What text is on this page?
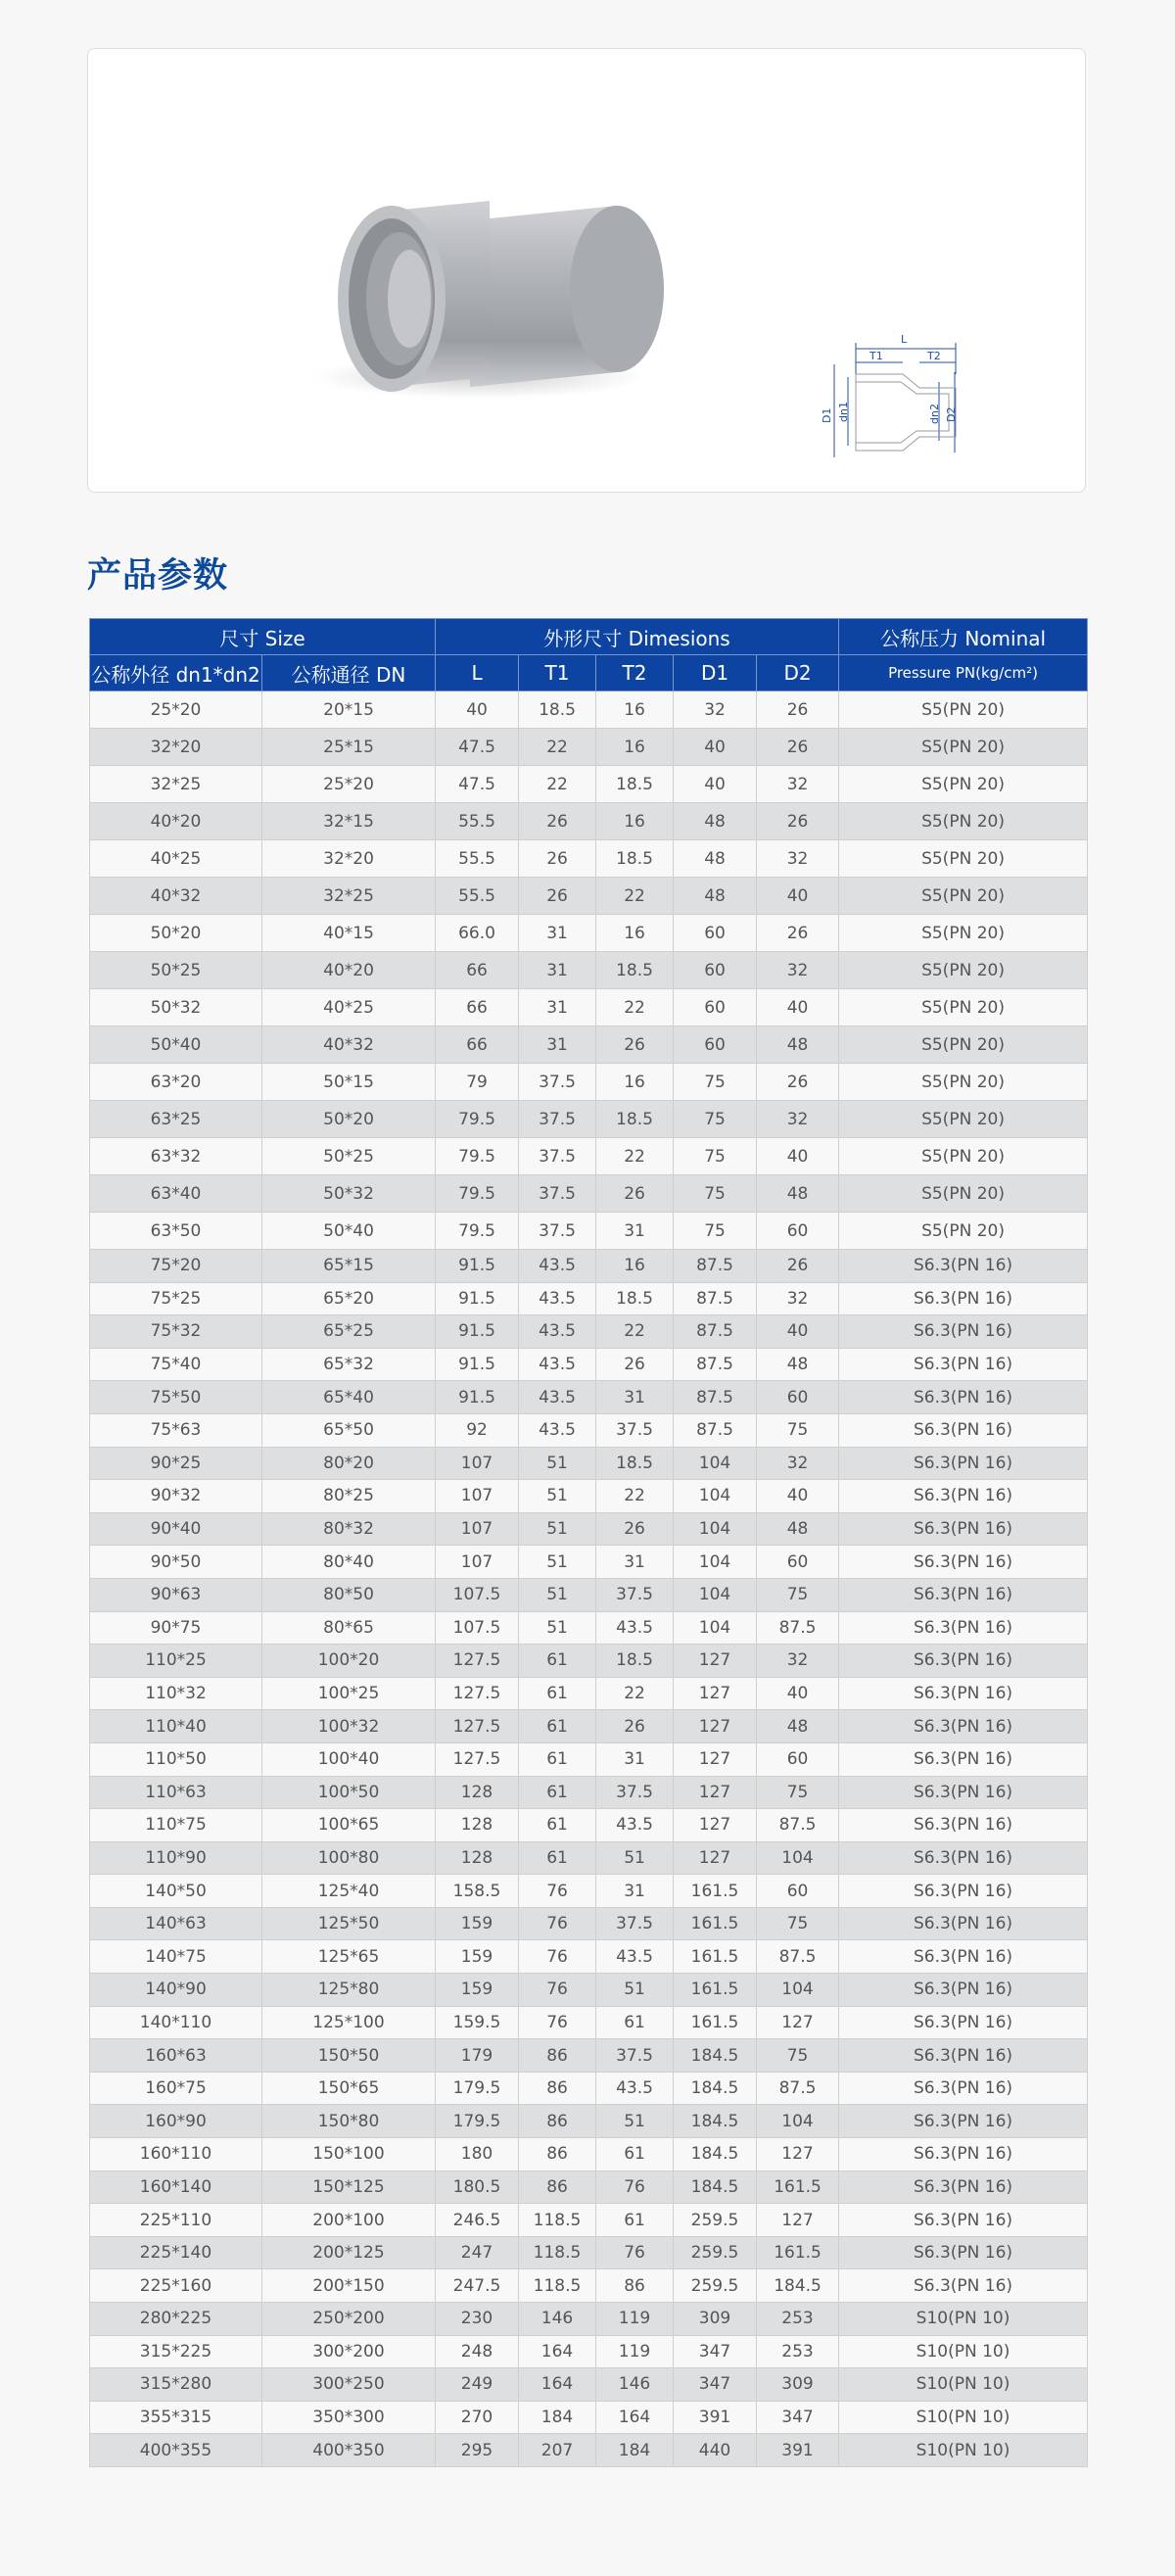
L
T1	T2
D1 dn1	dn2 D2
产品参数
尺寸 Size		外形尺寸 Dimesions					公称压力 Nominal
公称外径 dn1*dn2	公称通径 DN	L	T1	T2	D1	D2	Pressure PN(kg/cm²)
25*20	20*15	40	18.5	16	32	26	S5(PN 20)
32*20	25*15	47.5	22	16	40	26	S5(PN 20)
32*25	25*20	47.5	22	18.5	40	32	S5(PN 20)
40*20	32*15	55.5	26	16	48	26	S5(PN 20)
40*25	32*20	55.5	26	18.5	48	32	S5(PN 20)
40*32	32*25	55.5	26	22	48	40	S5(PN 20)
50*20	40*15	66.0	31	16	60	26	S5(PN 20)
50*25	40*20	66	31	18.5	60	32	S5(PN 20)
50*32	40*25	66	31	22	60	40	S5(PN 20)
50*40	40*32	66	31	26	60	48	S5(PN 20)
63*20	50*15	79	37.5	16	75	26	S5(PN 20)
63*25	50*20	79.5	37.5	18.5	75	32	S5(PN 20)
63*32	50*25	79.5	37.5	22	75	40	S5(PN 20)
63*40	50*32	79.5	37.5	26	75	48	S5(PN 20)
63*50	50*40	79.5	37.5	31	75	60	S5(PN 20)
75*20	65*15	91.5	43.5	16	87.5	26	S6.3(PN 16)
75*25	65*20	91.5	43.5	18.5	87.5	32	S6.3(PN 16)
75*32	65*25	91.5	43.5	22	87.5	40	S6.3(PN 16)
75*40	65*32	91.5	43.5	26	87.5	48	S6.3(PN 16)
75*50	65*40	91.5	43.5	31	87.5	60	S6.3(PN 16)
75*63	65*50	92	43.5	37.5	87.5	75	S6.3(PN 16)
90*25	80*20	107	51	18.5	104	32	S6.3(PN 16)
90*32	80*25	107	51	22	104	40	S6.3(PN 16)
90*40	80*32	107	51	26	104	48	S6.3(PN 16)
90*50	80*40	107	51	31	104	60	S6.3(PN 16)
90*63	80*50	107.5	51	37.5	104	75	S6.3(PN 16)
90*75	80*65	107.5	51	43.5	104	87.5	S6.3(PN 16)
110*25	100*20	127.5	61	18.5	127	32	S6.3(PN 16)
110*32	100*25	127.5	61	22	127	40	S6.3(PN 16)
110*40	100*32	127.5	61	26	127	48	S6.3(PN 16)
110*50	100*40	127.5	61	31	127	60	S6.3(PN 16)
110*63	100*50	128	61	37.5	127	75	S6.3(PN 16)
110*75	100*65	128	61	43.5	127	87.5	S6.3(PN 16)
110*90	100*80	128	61	51	127	104	S6.3(PN 16)
140*50	125*40	158.5	76	31	161.5	60	S6.3(PN 16)
140*63	125*50	159	76	37.5	161.5	75	S6.3(PN 16)
140*75	125*65	159	76	43.5	161.5	87.5	S6.3(PN 16)
140*90	125*80	159	76	51	161.5	104	S6.3(PN 16)
140*110	125*100	159.5	76	61	161.5	127	S6.3(PN 16)
160*63	150*50	179	86	37.5	184.5	75	S6.3(PN 16)
160*75	150*65	179.5	86	43.5	184.5	87.5	S6.3(PN 16)
160*90	150*80	179.5	86	51	184.5	104	S6.3(PN 16)
160*110	150*100	180	86	61	184.5	127	S6.3(PN 16)
160*140	150*125	180.5	86	76	184.5	161.5	S6.3(PN 16)
225*110	200*100	246.5	118.5	61	259.5	127	S6.3(PN 16)
225*140	200*125	247	118.5	76	259.5	161.5	S6.3(PN 16)
225*160	200*150	247.5	118.5	86	259.5	184.5	S6.3(PN 16)
280*225	250*200	230	146	119	309	253	S10(PN 10)
315*225	300*200	248	164	119	347	253	S10(PN 10)
315*280	300*250	249	164	146	347	309	S10(PN 10)
355*315	350*300	270	184	164	391	347	S10(PN 10)
400*355	400*350	295	207	184	440	391	S10(PN 10)
